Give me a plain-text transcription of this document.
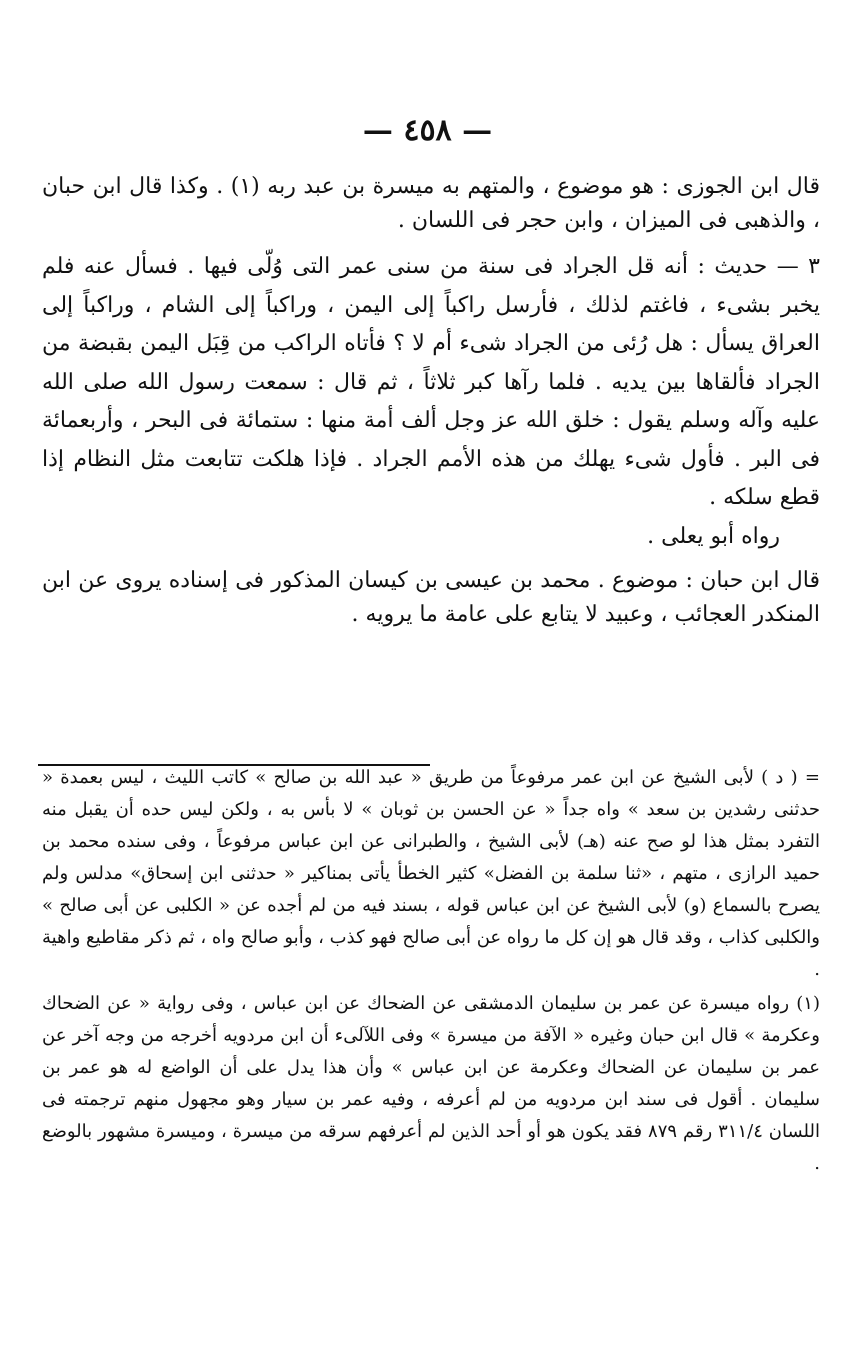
— ٤٥٨ —

قال ابن الجوزى : هو موضوع ، والمتهم به ميسرة بن عبد ربه (١) . وكذا قال ابن حبان ، والذهبى فى الميزان ، وابن حجر فى اللسان .

٣ — حديث : أنه قل الجراد فى سنة من سنى عمر التى وُلّى فيها . فسأل عنه فلم يخبر بشىء ، فاغتم لذلك ، فأرسل راكباً إلى اليمن ، وراكباً إلى الشام ، وراكباً إلى العراق يسأل : هل رُئى من الجراد شىء أم لا ؟ فأتاه الراكب من قِبَل اليمن بقبضة من الجراد فألقاها بين يديه . فلما رآها كبر ثلاثاً ، ثم قال : سمعت رسول الله صلى الله عليه وآله وسلم يقول : خلق الله عز وجل ألف أمة منها : ستمائة فى البحر ، وأربعمائة فى البر . فأول شىء يهلك من هذه الأمم الجراد . فإذا هلكت تتابعت مثل النظام إذا قطع سلكه .

رواه أبو يعلى .

قال ابن حبان : موضوع . محمد بن عيسى بن كيسان المذكور فى إسناده يروى عن ابن المنكدر العجائب ، وعبيد لا يتابع على عامة ما يرويه .

= ( د ) لأبى الشيخ عن ابن عمر مرفوعاً من طريق « عبد الله بن صالح » كاتب الليث ، ليس بعمدة « حدثنى رشدين بن سعد » واه جداً « عن الحسن بن ثوبان » لا بأس به ، ولكن ليس حده أن يقبل منه التفرد بمثل هذا لو صح عنه (هـ) لأبى الشيخ ، والطبرانى عن ابن عباس مرفوعاً ، وفى سنده محمد بن حميد الرازى ، متهم ، «ثنا سلمة بن الفضل» كثير الخطأ يأتى بمناكير « حدثنى ابن إسحاق» مدلس ولم يصرح بالسماع (و) لأبى الشيخ عن ابن عباس قوله ، بسند فيه من لم أجده عن « الكلبى عن أبى صالح » والكلبى كذاب ، وقد قال هو إن كل ما رواه عن أبى صالح فهو كذب ، وأبو صالح واه ، ثم ذكر مقاطيع واهية .

(١) رواه ميسرة عن عمر بن سليمان الدمشقى عن الضحاك عن ابن عباس ، وفى رواية « عن الضحاك وعكرمة » قال ابن حبان وغيره « الآفة من ميسرة » وفى اللآلىء أن ابن مردويه أخرجه من وجه آخر عن عمر بن سليمان عن الضحاك وعكرمة عن ابن عباس » وأن هذا يدل على أن الواضع له هو عمر بن سليمان . أقول فى سند ابن مردويه من لم أعرفه ، وفيه عمر بن سيار وهو مجهول منهم ترجمته فى اللسان ٣١١/٤ رقم ٨٧٩ فقد يكون هو أو أحد الذين لم أعرفهم سرقه من ميسرة ، وميسرة مشهور بالوضع .
